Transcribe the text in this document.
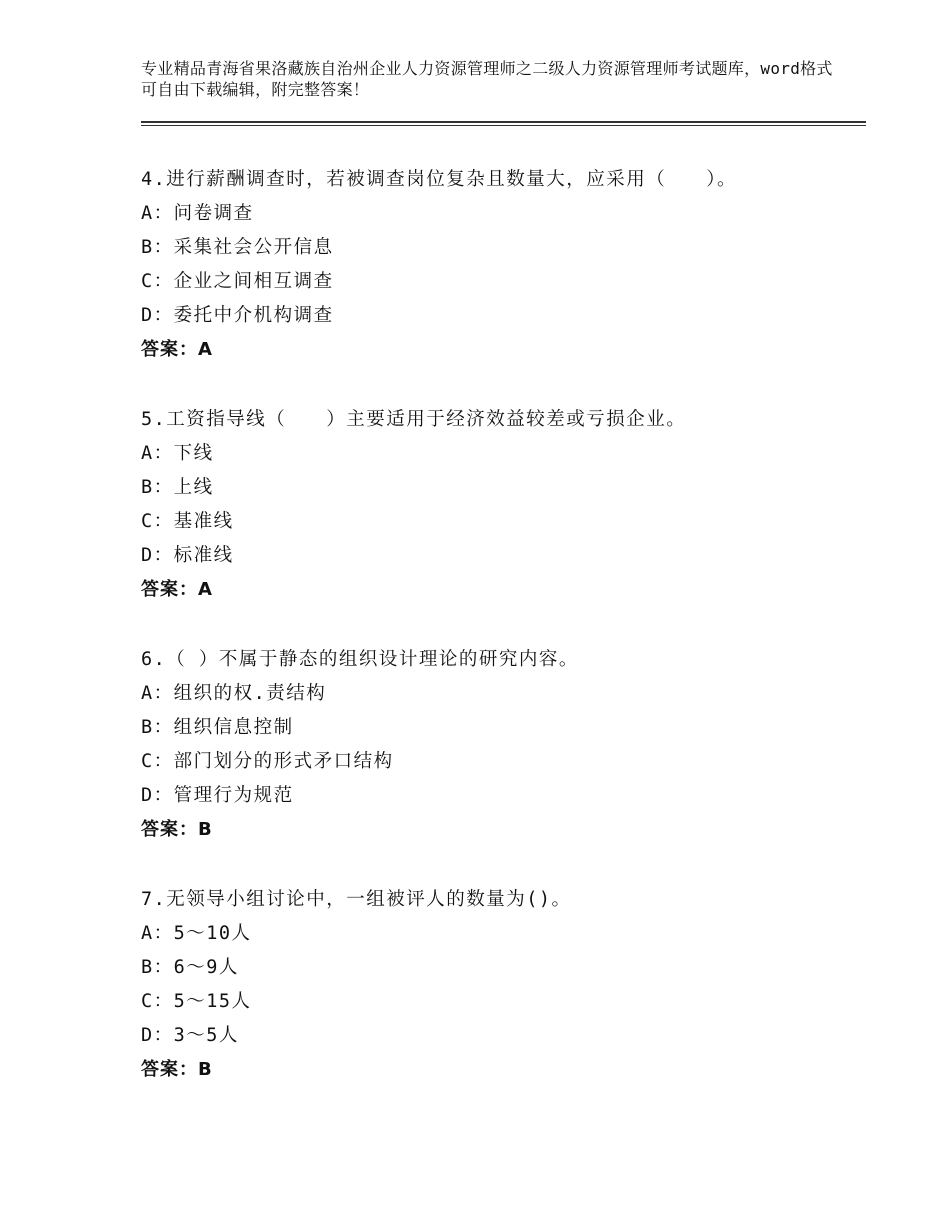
专业精品青海省果洛藏族自治州企业人力资源管理师之二级人力资源管理师考试题库，word格式可自由下载编辑，附完整答案！
4.进行薪酬调查时，若被调查岗位复杂且数量大，应采用（　　）。
A：问卷调查
B：采集社会公开信息
C：企业之间相互调查
D：委托中介机构调查
答案：A
5.工资指导线（　　）主要适用于经济效益较差或亏损企业。
A：下线
B：上线
C：基准线
D：标准线
答案：A
6.（ ）不属于静态的组织设计理论的研究内容。
A：组织的权.责结构
B：组织信息控制
C：部门划分的形式矛口结构
D：管理行为规范
答案：B
7.无领导小组讨论中，一组被评人的数量为()。
A：5～10人
B：6～9人
C：5～15人
D：3～5人
答案：B
